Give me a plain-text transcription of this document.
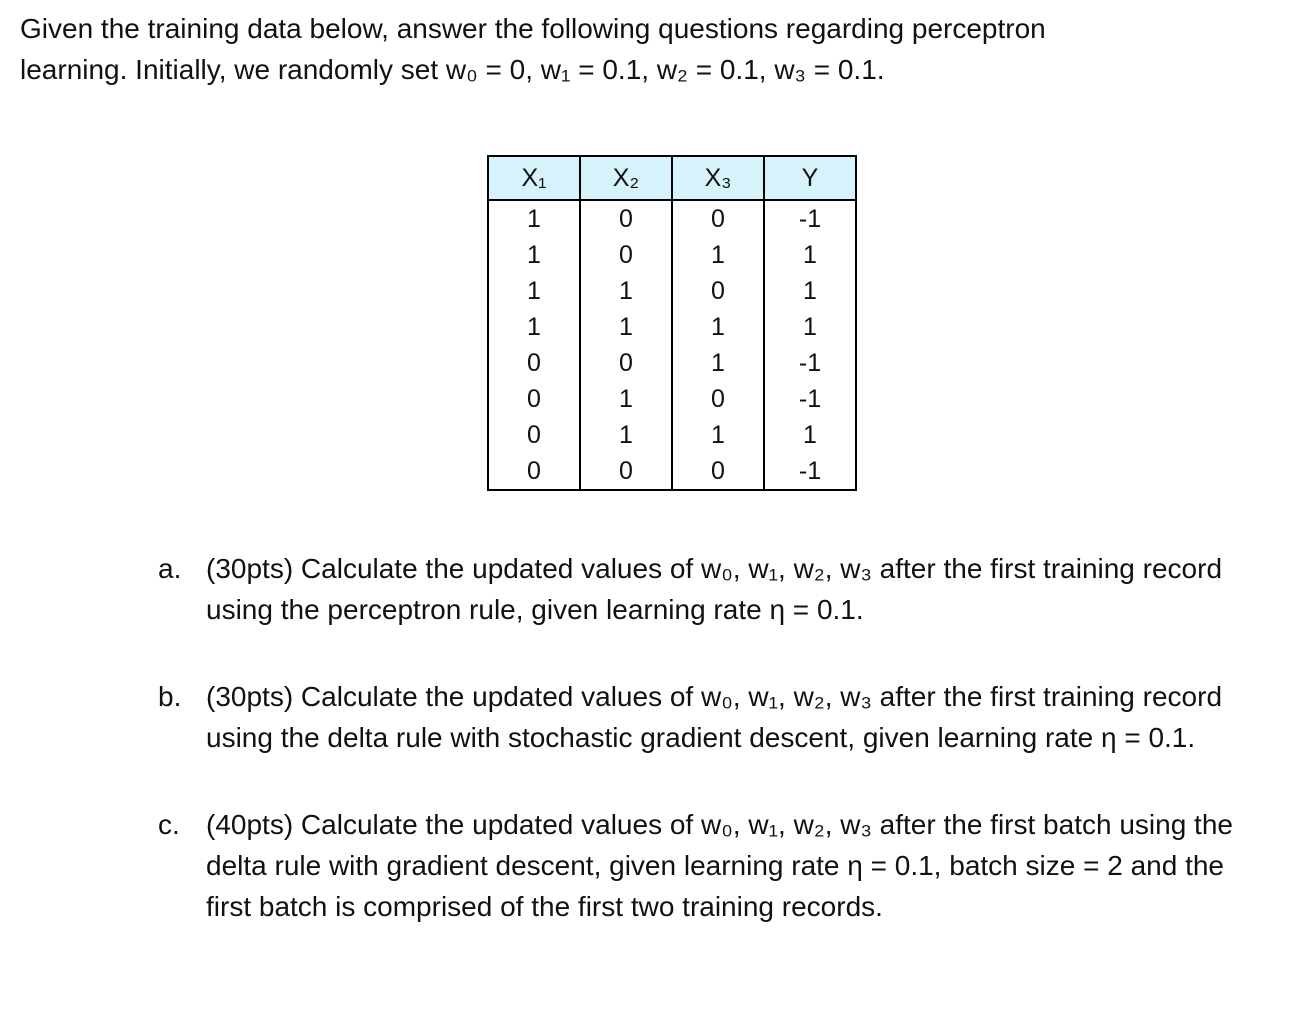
Given the training data below, answer the following questions regarding perceptron
learning. Initially, we randomly set w₀ = 0, w₁ = 0.1, w₂ = 0.1, w₃ = 0.1.

X₁	X₂	X₃	Y
1	0	0	-1
1	0	1	1
1	1	0	1
1	1	1	1
0	0	1	-1
0	1	0	-1
0	1	1	1
0	0	0	-1
a. (30pts) Calculate the updated values of w₀, w₁, w₂, w₃ after the first training record using the perceptron rule, given learning rate η = 0.1.
b. (30pts) Calculate the updated values of w₀, w₁, w₂, w₃ after the first training record using the delta rule with stochastic gradient descent, given learning rate η = 0.1.
c. (40pts) Calculate the updated values of w₀, w₁, w₂, w₃ after the first batch using the delta rule with gradient descent, given learning rate η = 0.1, batch size = 2 and the first batch is comprised of the first two training records.
